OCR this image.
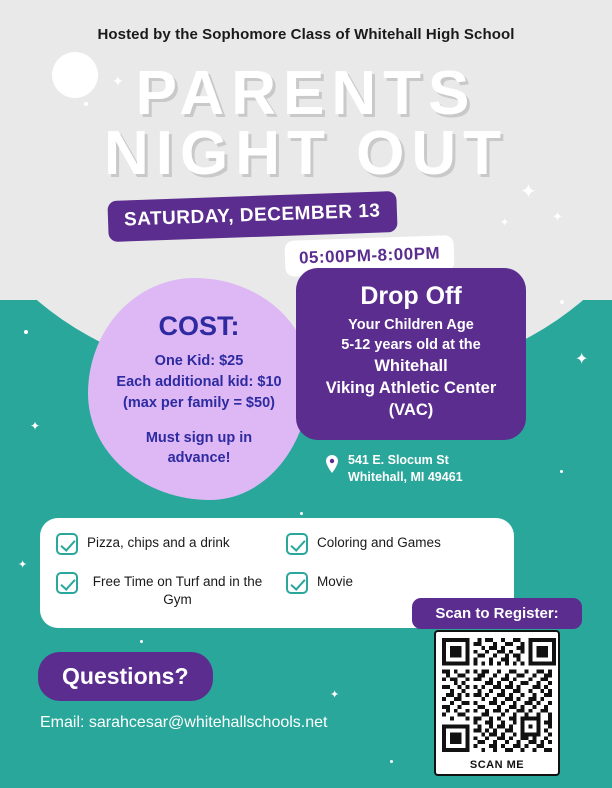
✦
✦
✦
✦
✦
✦
✦
✦
Hosted by the Sophomore Class of Whitehall High School
PARENTS
NIGHT OUT
SATURDAY, DECEMBER 13
05:00PM-8:00PM
COST:
One Kid: $25
Each additional kid: $10
(max per family = $50)
Must sign up in
advance!
Drop Off

Your Children Age

5-12 years old at the

Whitehall

Viking Athletic Center

(VAC)

541 E. Slocum St
Whitehall, MI 49461
Pizza, chips and a drink	Coloring and Games
Free Time on Turf and in the Gym
Movie
Questions?
Email: sarahcesar@whitehallschools.net
Scan to Register:
SCAN ME
